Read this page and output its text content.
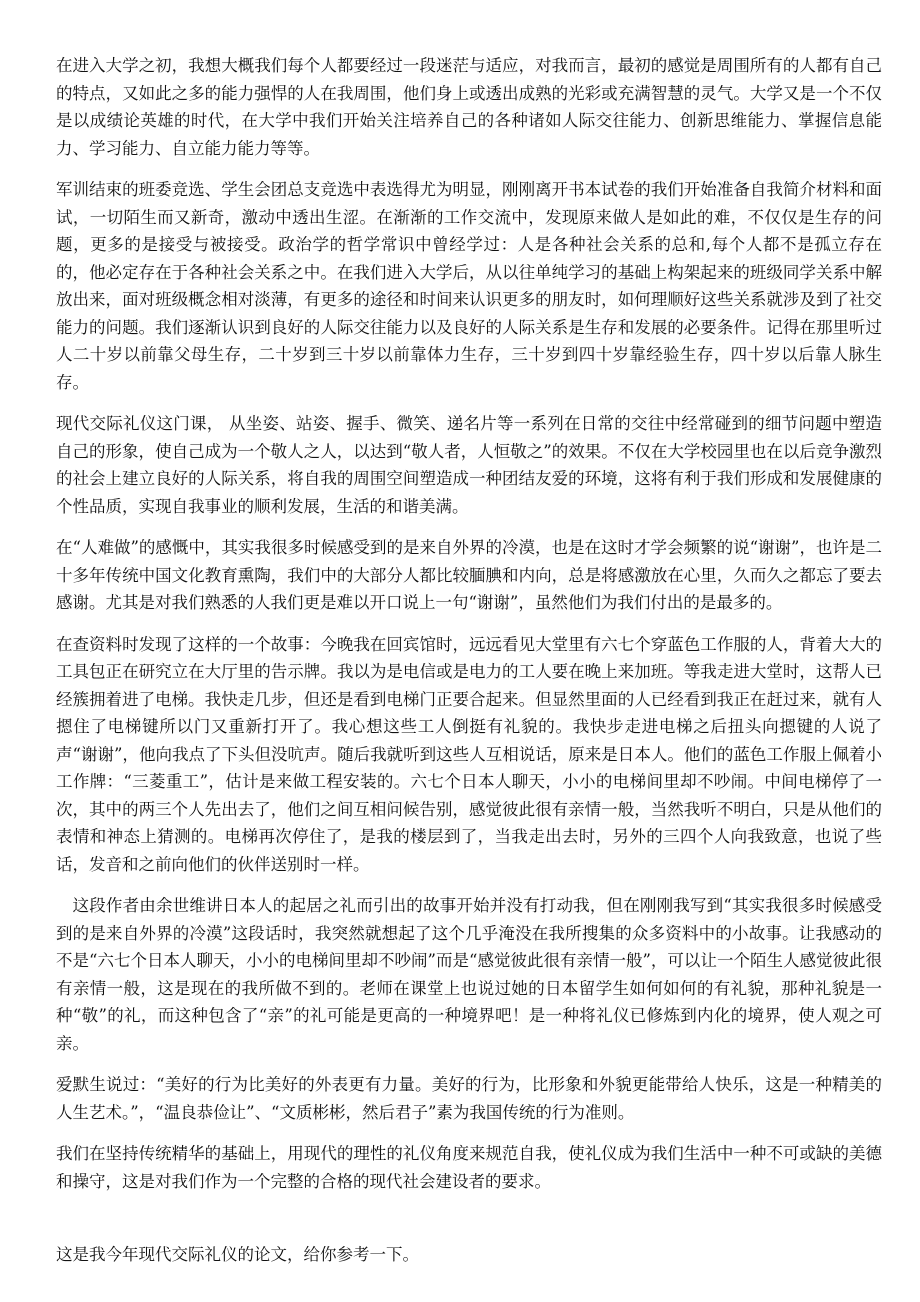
在进入大学之初，我想大概我们每个人都要经过一段迷茫与适应，对我而言，最初的感觉是周围所有的人都有自己的特点，又如此之多的能力强悍的人在我周围，他们身上或透出成熟的光彩或充满智慧的灵气。大学又是一个不仅是以成绩论英雄的时代，在大学中我们开始关注培养自己的各种诸如人际交往能力、创新思维能力、掌握信息能力、学习能力、自立能力能力等等。

军训结束的班委竞选、学生会团总支竞选中表选得尤为明显，刚刚离开书本试卷的我们开始准备自我简介材料和面试，一切陌生而又新奇，激动中透出生涩。在渐渐的工作交流中，发现原来做人是如此的难，不仅仅是生存的问题，更多的是接受与被接受。政治学的哲学常识中曾经学过：人是各种社会关系的总和,每个人都不是孤立存在的，他必定存在于各种社会关系之中。在我们进入大学后，从以往单纯学习的基础上构架起来的班级同学关系中解放出来，面对班级概念相对淡薄，有更多的途径和时间来认识更多的朋友时，如何理顺好这些关系就涉及到了社交能力的问题。我们逐渐认识到良好的人际交往能力以及良好的人际关系是生存和发展的必要条件。记得在那里听过人二十岁以前靠父母生存，二十岁到三十岁以前靠体力生存，三十岁到四十岁靠经验生存，四十岁以后靠人脉生存。

现代交际礼仪这门课， 从坐姿、站姿、握手、微笑、递名片等一系列在日常的交往中经常碰到的细节问题中塑造自己的形象，使自己成为一个敬人之人，以达到“敬人者，人恒敬之”的效果。不仅在大学校园里也在以后竞争激烈的社会上建立良好的人际关系，将自我的周围空间塑造成一种团结友爱的环境，这将有利于我们形成和发展健康的个性品质，实现自我事业的顺利发展，生活的和谐美满。

在“人难做”的感慨中，其实我很多时候感受到的是来自外界的冷漠，也是在这时才学会频繁的说“谢谢”，也许是二十多年传统中国文化教育熏陶，我们中的大部分人都比较腼腆和内向，总是将感激放在心里，久而久之都忘了要去感谢。尤其是对我们熟悉的人我们更是难以开口说上一句“谢谢”，虽然他们为我们付出的是最多的。

在查资料时发现了这样的一个故事：今晚我在回宾馆时，远远看见大堂里有六七个穿蓝色工作服的人，背着大大的工具包正在研究立在大厅里的告示牌。我以为是电信或是电力的工人要在晚上来加班。等我走进大堂时，这帮人已经簇拥着进了电梯。我快走几步，但还是看到电梯门正要合起来。但显然里面的人已经看到我正在赶过来，就有人摁住了电梯键所以门又重新打开了。我心想这些工人倒挺有礼貌的。我快步走进电梯之后扭头向摁键的人说了声“谢谢”，他向我点了下头但没吭声。随后我就听到这些人互相说话，原来是日本人。他们的蓝色工作服上佩着小工作牌：“三菱重工”，估计是来做工程安装的。六七个日本人聊天，小小的电梯间里却不吵闹。中间电梯停了一次，其中的两三个人先出去了，他们之间互相问候告别，感觉彼此很有亲情一般，当然我听不明白，只是从他们的表情和神态上猜测的。电梯再次停住了，是我的楼层到了，当我走出去时，另外的三四个人向我致意，也说了些话，发音和之前向他们的伙伴送别时一样。

这段作者由余世维讲日本人的起居之礼而引出的故事开始并没有打动我，但在刚刚我写到“其实我很多时候感受到的是来自外界的冷漠”这段话时，我突然就想起了这个几乎淹没在我所搜集的众多资料中的小故事。让我感动的不是“六七个日本人聊天，小小的电梯间里却不吵闹”而是“感觉彼此很有亲情一般”，可以让一个陌生人感觉彼此很有亲情一般，这是现在的我所做不到的。老师在课堂上也说过她的日本留学生如何如何的有礼貌，那种礼貌是一种“敬”的礼，而这种包含了“亲”的礼可能是更高的一种境界吧！是一种将礼仪已修炼到内化的境界，使人观之可亲。

爱默生说过：“美好的行为比美好的外表更有力量。美好的行为，比形象和外貌更能带给人快乐，这是一种精美的人生艺术。”，“温良恭俭让”、“文质彬彬，然后君子”素为我国传统的行为准则。

我们在坚持传统精华的基础上，用现代的理性的礼仪角度来规范自我，使礼仪成为我们生活中一种不可或缺的美德和操守，这是对我们作为一个完整的合格的现代社会建设者的要求。

这是我今年现代交际礼仪的论文，给你参考一下。
